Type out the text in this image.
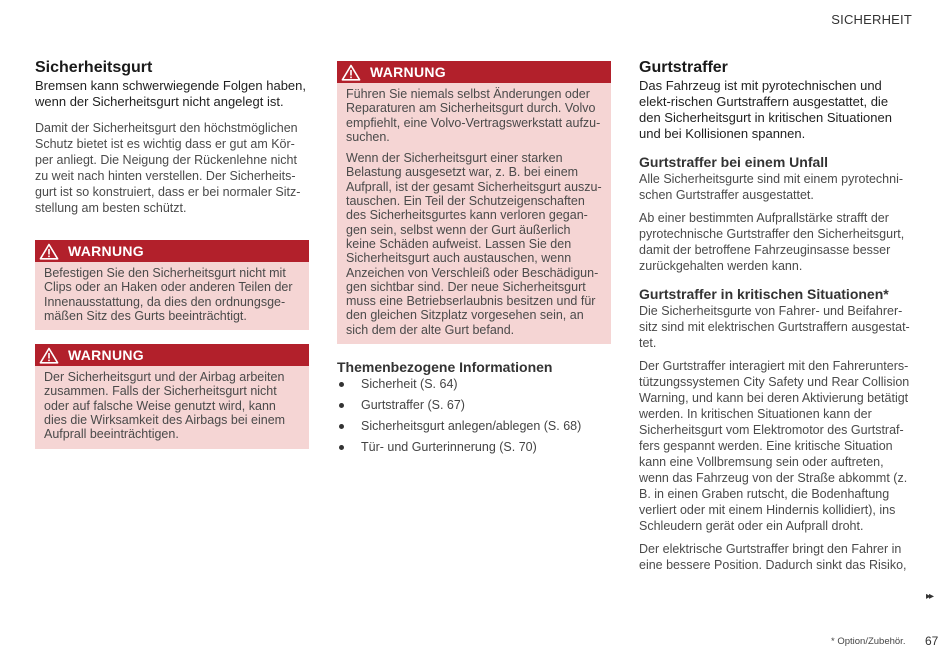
SICHERHEIT
Sicherheitsgurt

Bremsen kann schwerwiegende Folgen haben, wenn der Sicherheitsgurt nicht angelegt ist.

Damit der Sicherheitsgurt den höchstmöglichen Schutz bietet ist es wichtig dass er gut am Kör-per anliegt. Die Neigung der Rückenlehne nicht zu weit nach hinten verstellen. Der Sicherheits-gurt ist so konstruiert, dass er bei normaler Sitz-stellung am besten schützt.

WARNUNG

Befestigen Sie den Sicherheitsgurt nicht mit Clips oder an Haken oder anderen Teilen der Innenausstattung, da dies den ordnungsge-mäßen Sitz des Gurts beeinträchtigt.

WARNUNG

Der Sicherheitsgurt und der Airbag arbeiten zusammen. Falls der Sicherheitsgurt nicht oder auf falsche Weise genutzt wird, kann dies die Wirksamkeit des Airbags bei einem Aufprall beeinträchtigen.

WARNUNG

Führen Sie niemals selbst Änderungen oder Reparaturen am Sicherheitsgurt durch. Volvo empfiehlt, eine Volvo-Vertragswerkstatt aufzu-suchen.

Wenn der Sicherheitsgurt einer starken Belastung ausgesetzt war, z. B. bei einem Aufprall, ist der gesamt Sicherheitsgurt auszu-tauschen. Ein Teil der Schutzeigenschaften des Sicherheitsgurtes kann verloren gegan-gen sein, selbst wenn der Gurt äußerlich keine Schäden aufweist. Lassen Sie den Sicherheitsgurt auch austauschen, wenn Anzeichen von Verschleiß oder Beschädigun-gen sichtbar sind. Der neue Sicherheitsgurt muss eine Betriebserlaubnis besitzen und für den gleichen Sitzplatz vorgesehen sein, an sich dem der alte Gurt befand.

Themenbezogene Informationen
Sicherheit (S. 64)
Gurtstraffer (S. 67)
Sicherheitsgurt anlegen/ablegen (S. 68)
Tür- und Gurterinnerung (S. 70)
Gurtstraffer

Das Fahrzeug ist mit pyrotechnischen und elekt-rischen Gurtstraffern ausgestattet, die den Sicherheitsgurt in kritischen Situationen und bei Kollisionen spannen.

Gurtstraffer bei einem Unfall

Alle Sicherheitsgurte sind mit einem pyrotechni-schen Gurtstraffer ausgestattet.

Ab einer bestimmten Aufprallstärke strafft der pyrotechnische Gurtstraffer den Sicherheitsgurt, damit der betroffene Fahrzeuginsasse besser zurückgehalten werden kann.

Gurtstraffer in kritischen Situationen*

Die Sicherheitsgurte von Fahrer- und Beifahrer-sitz sind mit elektrischen Gurtstraffern ausgestat-tet.

Der Gurtstraffer interagiert mit den Fahrerunters-tützungssystemen City Safety und Rear Collision Warning, und kann bei deren Aktivierung betätigt werden. In kritischen Situationen kann der Sicherheitsgurt vom Elektromotor des Gurtstraf-fers gespannt werden. Eine kritische Situation kann eine Vollbremsung sein oder auftreten, wenn das Fahrzeug von der Straße abkommt (z. B. in einen Graben rutscht, die Bodenhaftung verliert oder mit einem Hindernis kollidiert), ins Schleudern gerät oder ein Aufprall droht.

Der elektrische Gurtstraffer bringt den Fahrer in eine bessere Position. Dadurch sinkt das Risiko,

▸▸
* Option/Zubehör. 67
